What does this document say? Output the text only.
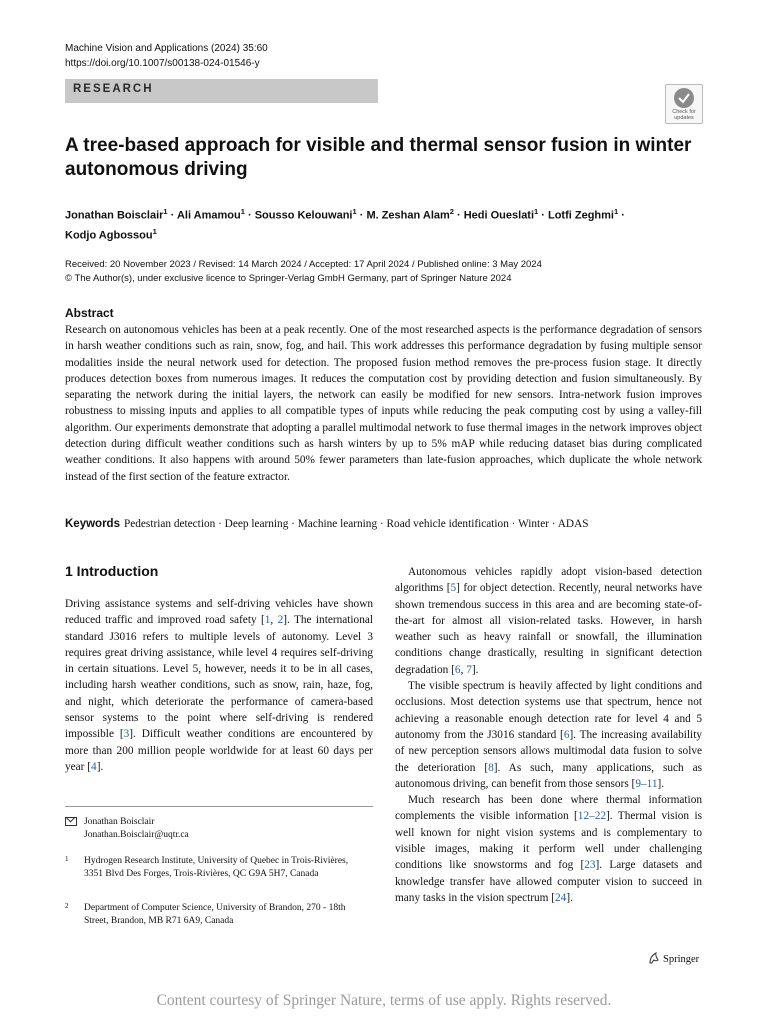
Machine Vision and Applications (2024) 35:60
https://doi.org/10.1007/s00138-024-01546-y
RESEARCH
Check for
updates
A tree-based approach for visible and thermal sensor fusion in winter autonomous driving
Jonathan Boisclair$^1$ · Ali Amamou$^1$ · Sousso Kelouwani$^1$ · M. Zeshan Alam$^2$ · Hedi Oueslati$^1$ · Lotfi Zeghmi$^1$ ·
Kodjo Agbossou$^1$
Received: 20 November 2023 / Revised: 14 March 2024 / Accepted: 17 April 2024 / Published online: 3 May 2024
© The Author(s), under exclusive licence to Springer-Verlag GmbH Germany, part of Springer Nature 2024
Abstract

Research on autonomous vehicles has been at a peak recently. One of the most researched aspects is the performance degradation of sensors in harsh weather conditions such as rain, snow, fog, and hail. This work addresses this performance degradation by fusing multiple sensor modalities inside the neural network used for detection. The proposed fusion method removes the pre-process fusion stage. It directly produces detection boxes from numerous images. It reduces the computation cost by providing detection and fusion simultaneously. By separating the network during the initial layers, the network can easily be modified for new sensors. Intra-network fusion improves robustness to missing inputs and applies to all compatible types of inputs while reducing the peak computing cost by using a valley-fill algorithm. Our experiments demonstrate that adopting a parallel multimodal network to fuse thermal images in the network improves object detection during difficult weather conditions such as harsh winters by up to 5% mAP while reducing dataset bias during complicated weather conditions. It also happens with around 50% fewer parameters than late-fusion approaches, which duplicate the whole network instead of the first section of the feature extractor.

Keywords Pedestrian detection · Deep learning · Machine learning · Road vehicle identification · Winter · ADAS
1 Introduction

Driving assistance systems and self-driving vehicles have shown reduced traffic and improved road safety [1, 2]. The international standard J3016 refers to multiple levels of autonomy. Level 3 requires great driving assistance, while level 4 requires self-driving in certain situations. Level 5, however, needs it to be in all cases, including harsh weather conditions, such as snow, rain, haze, fog, and night, which deteriorate the performance of camera-based sensor systems to the point where self-driving is rendered impossible [3]. Difficult weather conditions are encountered by more than 200 million people worldwide for at least 60 days per year [4].

Autonomous vehicles rapidly adopt vision-based detection algorithms [5] for object detection. Recently, neural networks have shown tremendous success in this area and are becoming state-of-the-art for almost all vision-related tasks. However, in harsh weather such as heavy rainfall or snowfall, the illumination conditions change drastically, resulting in significant detection degradation [6, 7].

The visible spectrum is heavily affected by light conditions and occlusions. Most detection systems use that spectrum, hence not achieving a reasonable enough detection rate for level 4 and 5 autonomy from the J3016 standard [6]. The increasing availability of new perception sensors allows multimodal data fusion to solve the deterioration [8]. As such, many applications, such as autonomous driving, can benefit from those sensors [9–11].

Much research has been done where thermal information complements the visible information [12–22]. Thermal vision is well known for night vision systems and is complementary to visible images, making it perform well under challenging conditions like snowstorms and fog [23]. Large datasets and knowledge transfer have allowed computer vision to succeed in many tasks in the vision spectrum [24].

Jonathan Boisclair
Jonathan.Boisclair@uqtr.ca
1 Hydrogen Research Institute, University of Quebec in Trois-Rivières, 3351 Blvd Des Forges, Trois-Rivières, QC G9A 5H7, Canada
2 Department of Computer Science, University of Brandon, 270 - 18th Street, Brandon, MB R71 6A9, Canada
Springer
Content courtesy of Springer Nature, terms of use apply. Rights reserved.
